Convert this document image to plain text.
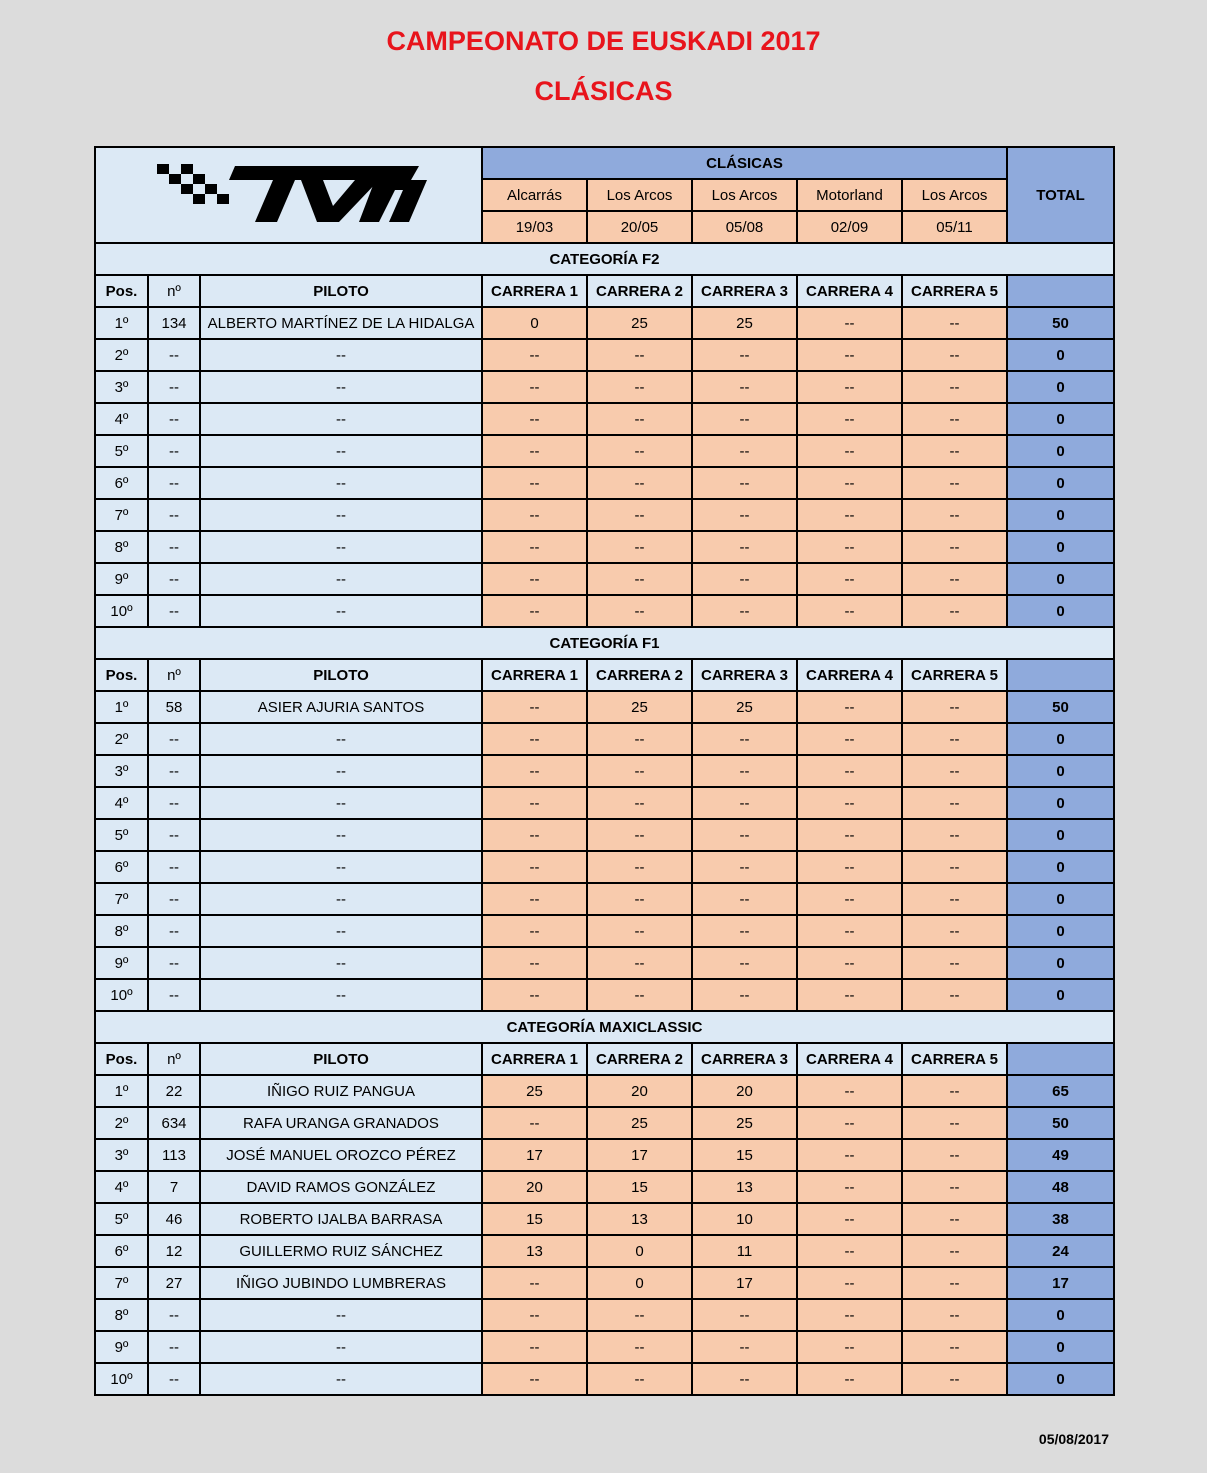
CAMPEONATO DE EUSKADI 2017
CLÁSICAS
	CLÁSICAS					TOTAL
			Alcarrás	Los Arcos	Los Arcos	Motorland	Los Arcos	
			19/03	20/05	05/08	02/09	05/11	
CATEGORÍA F2								
Pos.	nº	PILOTO	CARRERA 1	CARRERA 2	CARRERA 3	CARRERA 4	CARRERA 5	
1º	134	ALBERTO MARTÍNEZ DE LA HIDALGA	0	25	25	--	--	50
2º	--	--	--	--	--	--	--	0
3º	--	--	--	--	--	--	--	0
4º	--	--	--	--	--	--	--	0
5º	--	--	--	--	--	--	--	0
6º	--	--	--	--	--	--	--	0
7º	--	--	--	--	--	--	--	0
8º	--	--	--	--	--	--	--	0
9º	--	--	--	--	--	--	--	0
10º	--	--	--	--	--	--	--	0
CATEGORÍA F1								
Pos.	nº	PILOTO	CARRERA 1	CARRERA 2	CARRERA 3	CARRERA 4	CARRERA 5	
1º	58	ASIER AJURIA SANTOS	--	25	25	--	--	50
2º	--	--	--	--	--	--	--	0
3º	--	--	--	--	--	--	--	0
4º	--	--	--	--	--	--	--	0
5º	--	--	--	--	--	--	--	0
6º	--	--	--	--	--	--	--	0
7º	--	--	--	--	--	--	--	0
8º	--	--	--	--	--	--	--	0
9º	--	--	--	--	--	--	--	0
10º	--	--	--	--	--	--	--	0
CATEGORÍA MAXICLASSIC								
Pos.	nº	PILOTO	CARRERA 1	CARRERA 2	CARRERA 3	CARRERA 4	CARRERA 5	
1º	22	IÑIGO RUIZ PANGUA	25	20	20	--	--	65
2º	634	RAFA URANGA GRANADOS	--	25	25	--	--	50
3º	113	JOSÉ MANUEL OROZCO PÉREZ	17	17	15	--	--	49
4º	7	DAVID RAMOS GONZÁLEZ	20	15	13	--	--	48
5º	46	ROBERTO IJALBA BARRASA	15	13	10	--	--	38
6º	12	GUILLERMO RUIZ SÁNCHEZ	13	0	11	--	--	24
7º	27	IÑIGO JUBINDO LUMBRERAS	--	0	17	--	--	17
8º	--	--	--	--	--	--	--	0
9º	--	--	--	--	--	--	--	0
10º	--	--	--	--	--	--	--	0
05/08/2017
